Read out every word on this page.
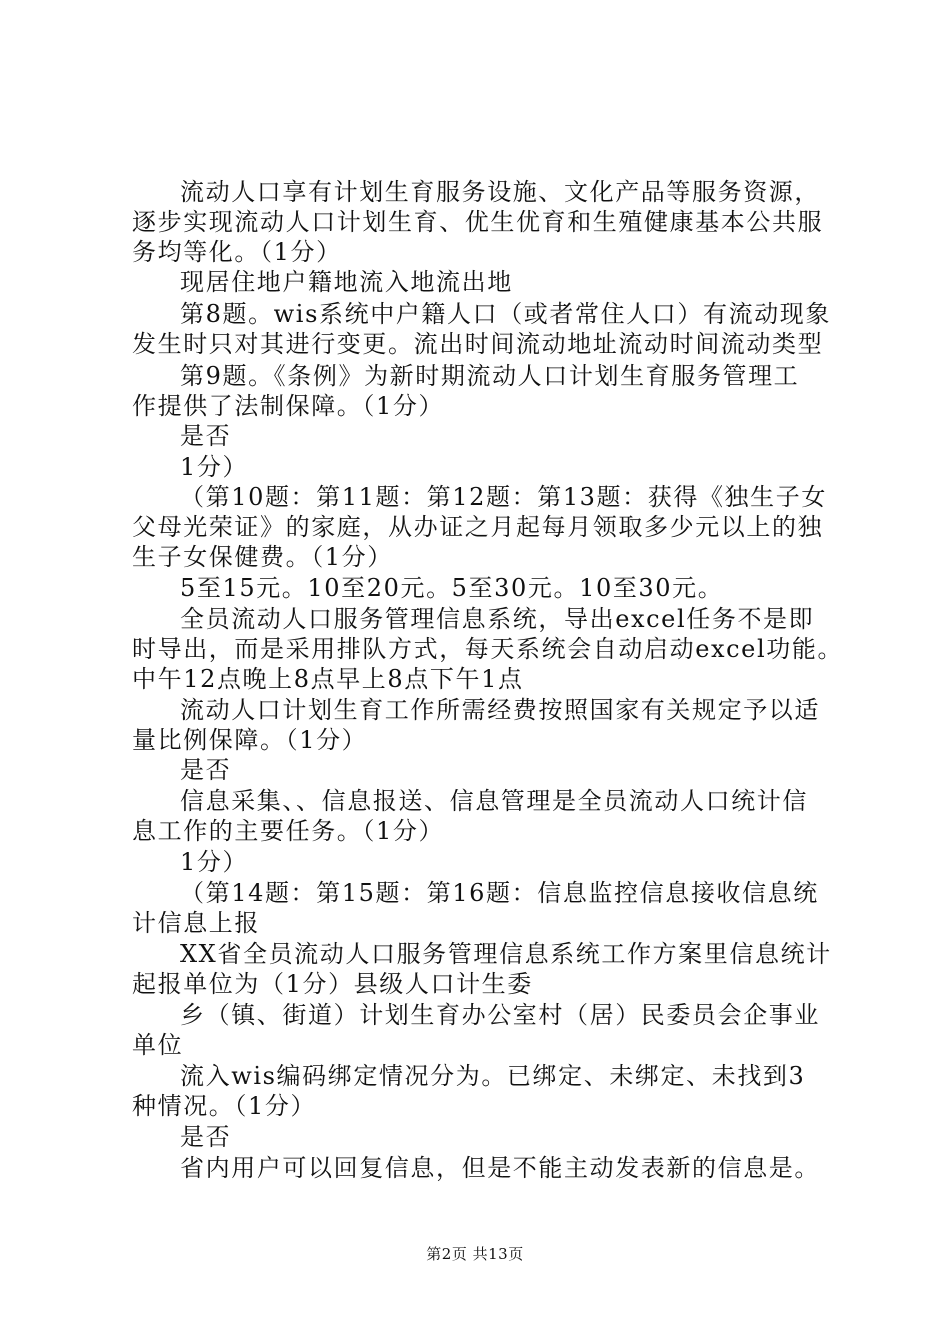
流动人口享有计划生育服务设施、文化产品等服务资源，
逐步实现流动人口计划生育、优生优育和生殖健康基本公共服
务均等化。（1分）
现居住地户籍地流入地流出地
第8题。wis系统中户籍人口（或者常住人口）有流动现象
发生时只对其进行变更。流出时间流动地址流动时间流动类型
第9题。《条例》为新时期流动人口计划生育服务管理工
作提供了法制保障。（1分）
是否
1分）
（第10题：第11题：第12题：第13题：获得《独生子女
父母光荣证》的家庭，从办证之月起每月领取多少元以上的独
生子女保健费。（1分）
5至15元。10至20元。5至30元。10至30元。
全员流动人口服务管理信息系统，导出excel任务不是即
时导出，而是采用排队方式，每天系统会自动启动excel功能。
中午12点晚上8点早上8点下午1点
流动人口计划生育工作所需经费按照国家有关规定予以适
量比例保障。（1分）
是否
信息采集、、信息报送、信息管理是全员流动人口统计信
息工作的主要任务。（1分）
1分）
（第14题：第15题：第16题：信息监控信息接收信息统
计信息上报
XX省全员流动人口服务管理信息系统工作方案里信息统计
起报单位为（1分）县级人口计生委
乡（镇、街道）计划生育办公室村（居）民委员会企事业
单位
流入wis编码绑定情况分为。已绑定、未绑定、未找到3
种情况。（1分）
是否
省内用户可以回复信息，但是不能主动发表新的信息是。
第2页 共13页
